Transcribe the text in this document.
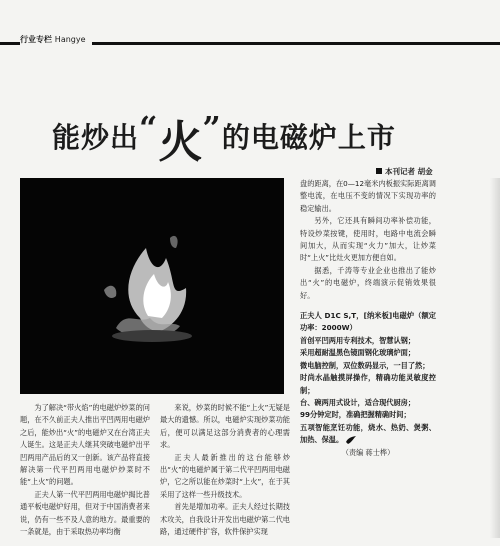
行业专栏 Hangye
能炒出“火”的电磁炉上市
本刊记者 胡金

为了解决“带火焰”的电磁炉炒菜的问题，在不久前正夫人推出平凹两用电磁炉之后，能炒出“火”的电磁炉又在台湾正夫人诞生。这是正夫人继其突破电磁炉出平凹两用产品后的又一创新。该产品将直接解决第一代平凹两用电磁炉炒菜时不能“上火”的问题。

正夫人第一代平凹两用电磁炉揭比普通平板电磁炉好用，但对于中国消费者来说，仍有一些不及人意的地方。最重要的一条就是，由于采取热功率均衡

来说，炒菜的时候不能“上火”无疑是最大的遗憾。所以，电磁炉实现炒菜功能后，便可以满足这部分消费者的心理需求。

正夫人最新推出的这台能够炒出“火”的电磁炉属于第二代平凹两用电磁炉，它之所以能在炒菜时“上火”，在于其采用了这样一些升级技术。

首先是增加功率。正夫人经过长期技术攻关，自我设计开发出电磁炉第二代电路，通过硬件扩容，软件保护实现

盘的距离，在0—12毫米内板振实际距离调整电流，在电压不变的情况下实现功率的稳定输出。

另外，它还具有瞬间功率补偿功能，特设炒菜按键，使用时，电路中电流会瞬间加大，从而实现“火力”加大，让炒菜时“上火”比灶火更加方便自如。

据悉，千涛等专业企业也推出了能炒出“火”的电磁炉，终端演示促销效果很好。

正夫人 D1C S,T，[纳米板]电磁炉（额定功率：2000W）

首创平凹两用专利技术，智慧认钢；

采用超耐温黑色镜面钢化玻璃炉面；

微电脑控制，双位数码显示，一目了然；

时尚水晶触摸屏操作，精确功能灵敏度控制；

台、碗两用式设计，适合现代厨房；

99分钟定时，准确把握精确时间；

五项智能烹饪功能，烧水、热奶、煲粥、加热、保温。

（责编 蒋士桦）
